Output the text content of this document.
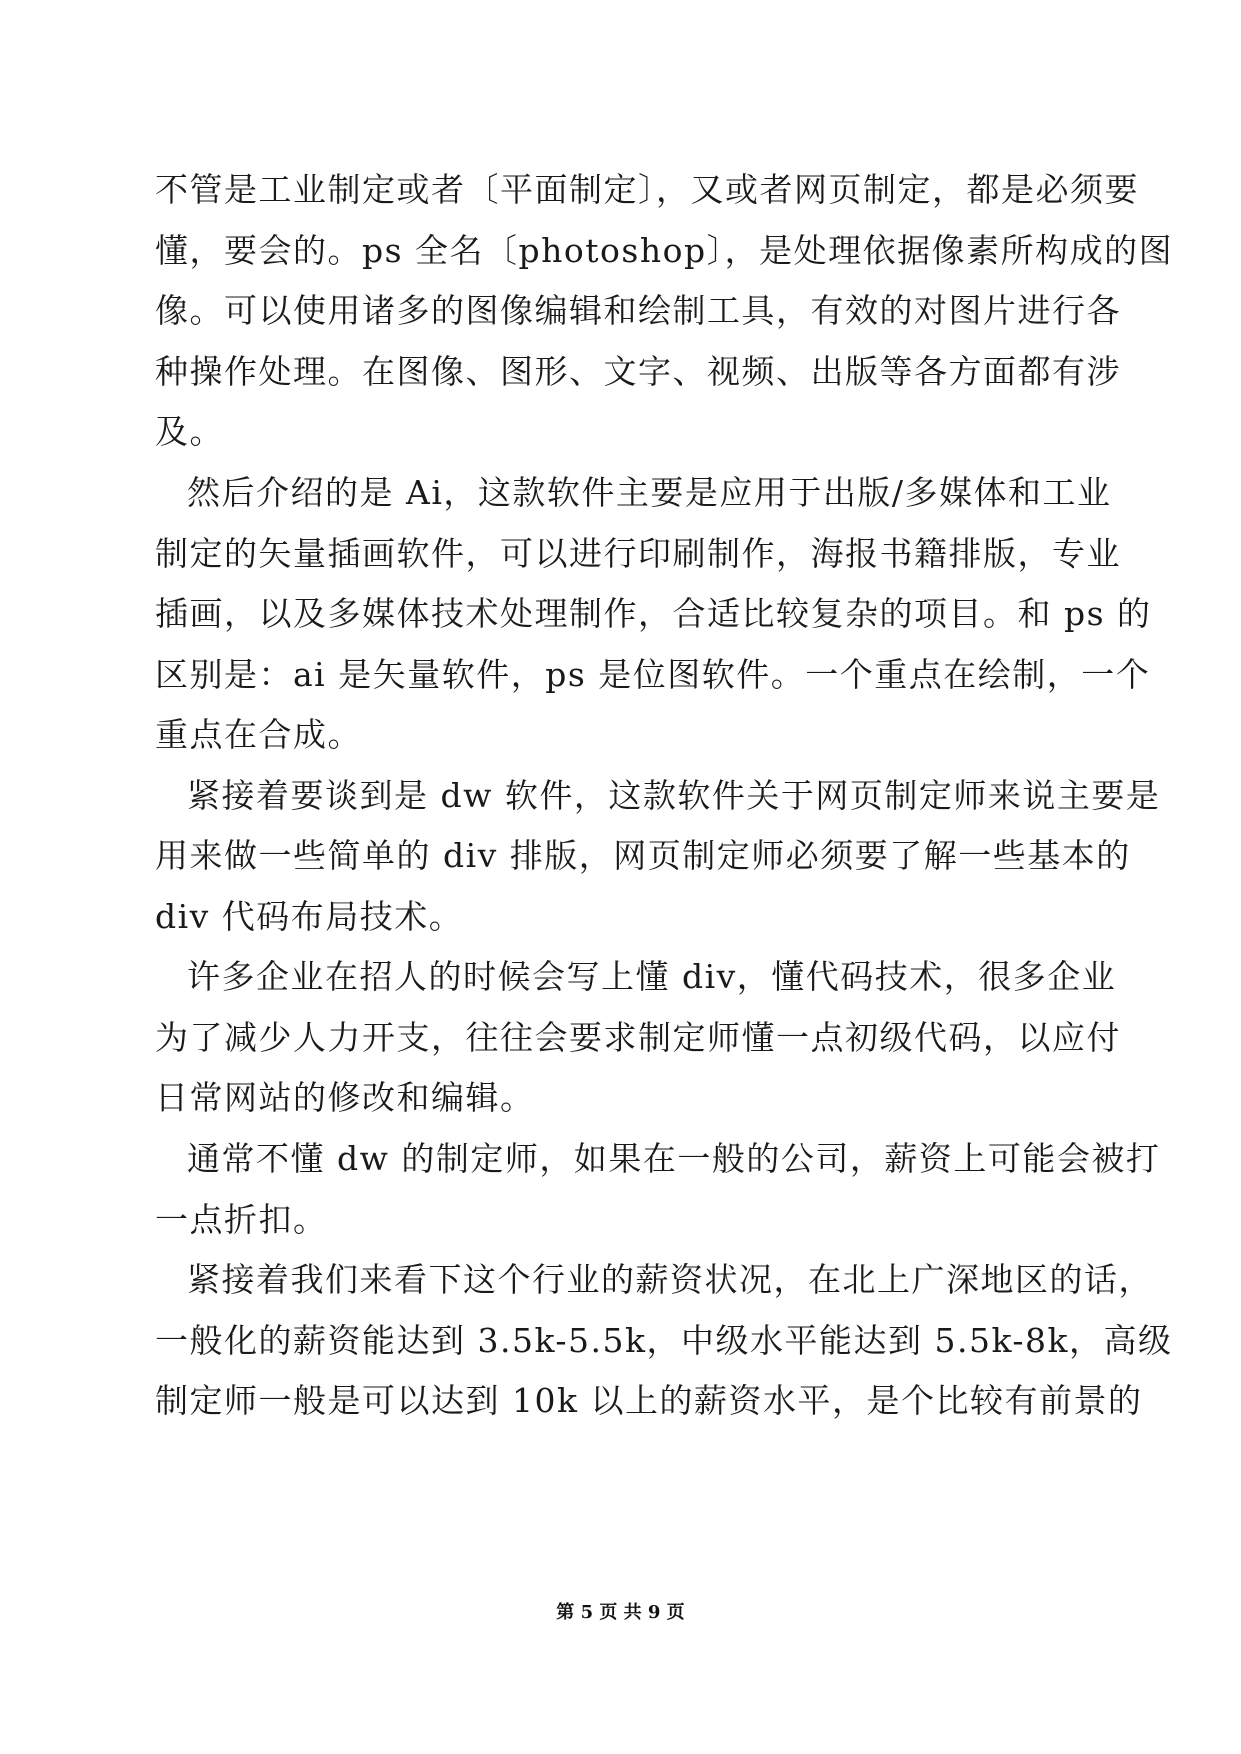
不管是工业制定或者〔平面制定〕，又或者网页制定，都是必须要
懂，要会的。ps 全名〔photoshop〕，是处理依据像素所构成的图
像。可以使用诸多的图像编辑和绘制工具，有效的对图片进行各
种操作处理。在图像、图形、文字、视频、出版等各方面都有涉
及。
然后介绍的是 Ai，这款软件主要是应用于出版/多媒体和工业
制定的矢量插画软件，可以进行印刷制作，海报书籍排版，专业
插画，以及多媒体技术处理制作，合适比较复杂的项目。和 ps 的
区别是：ai 是矢量软件，ps 是位图软件。一个重点在绘制，一个
重点在合成。
紧接着要谈到是 dw 软件，这款软件关于网页制定师来说主要是
用来做一些简单的 div 排版，网页制定师必须要了解一些基本的
div 代码布局技术。
许多企业在招人的时候会写上懂 div，懂代码技术，很多企业
为了减少人力开支，往往会要求制定师懂一点初级代码，以应付
日常网站的修改和编辑。
通常不懂 dw 的制定师，如果在一般的公司，薪资上可能会被打
一点折扣。
紧接着我们来看下这个行业的薪资状况，在北上广深地区的话，
一般化的薪资能达到 3.5k-5.5k，中级水平能达到 5.5k-8k，高级
制定师一般是可以达到 10k 以上的薪资水平，是个比较有前景的
第 5 页 共 9 页
